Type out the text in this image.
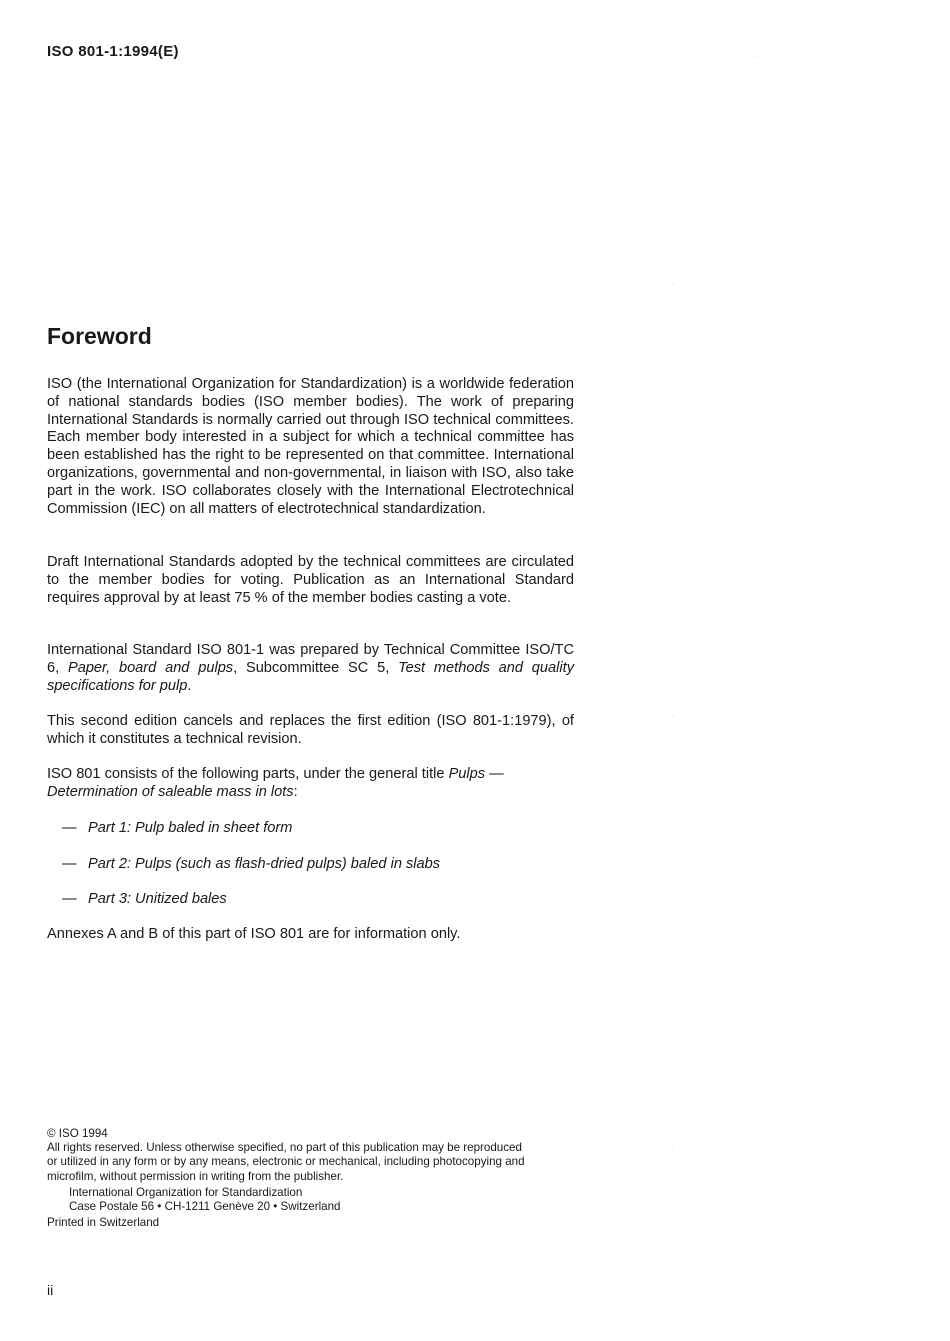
ISO 801-1:1994(E)
Foreword
ISO (the International Organization for Standardization) is a worldwide federation of national standards bodies (ISO member bodies). The work of preparing International Standards is normally carried out through ISO technical committees. Each member body interested in a subject for which a technical committee has been established has the right to be represented on that committee. International organizations, governmental and non-governmental, in liaison with ISO, also take part in the work. ISO collaborates closely with the International Electrotechnical Commission (IEC) on all matters of electrotechnical standardization.
Draft International Standards adopted by the technical committees are circulated to the member bodies for voting. Publication as an International Standard requires approval by at least 75 % of the member bodies casting a vote.
International Standard ISO 801-1 was prepared by Technical Committee ISO/TC 6, Paper, board and pulps, Subcommittee SC 5, Test methods and quality specifications for pulp.
This second edition cancels and replaces the first edition (ISO 801-1:1979), of which it constitutes a technical revision.
ISO 801 consists of the following parts, under the general title Pulps — Determination of saleable mass in lots:
— Part 1: Pulp baled in sheet form
— Part 2: Pulps (such as flash-dried pulps) baled in slabs
— Part 3: Unitized bales
Annexes A and B of this part of ISO 801 are for information only.
© ISO 1994
All rights reserved. Unless otherwise specified, no part of this publication may be reproduced
or utilized in any form or by any means, electronic or mechanical, including photocopying and
microfilm, without permission in writing from the publisher.
International Organization for Standardization
Case Postale 56 • CH-1211 Genève 20 • Switzerland
Printed in Switzerland
ii
